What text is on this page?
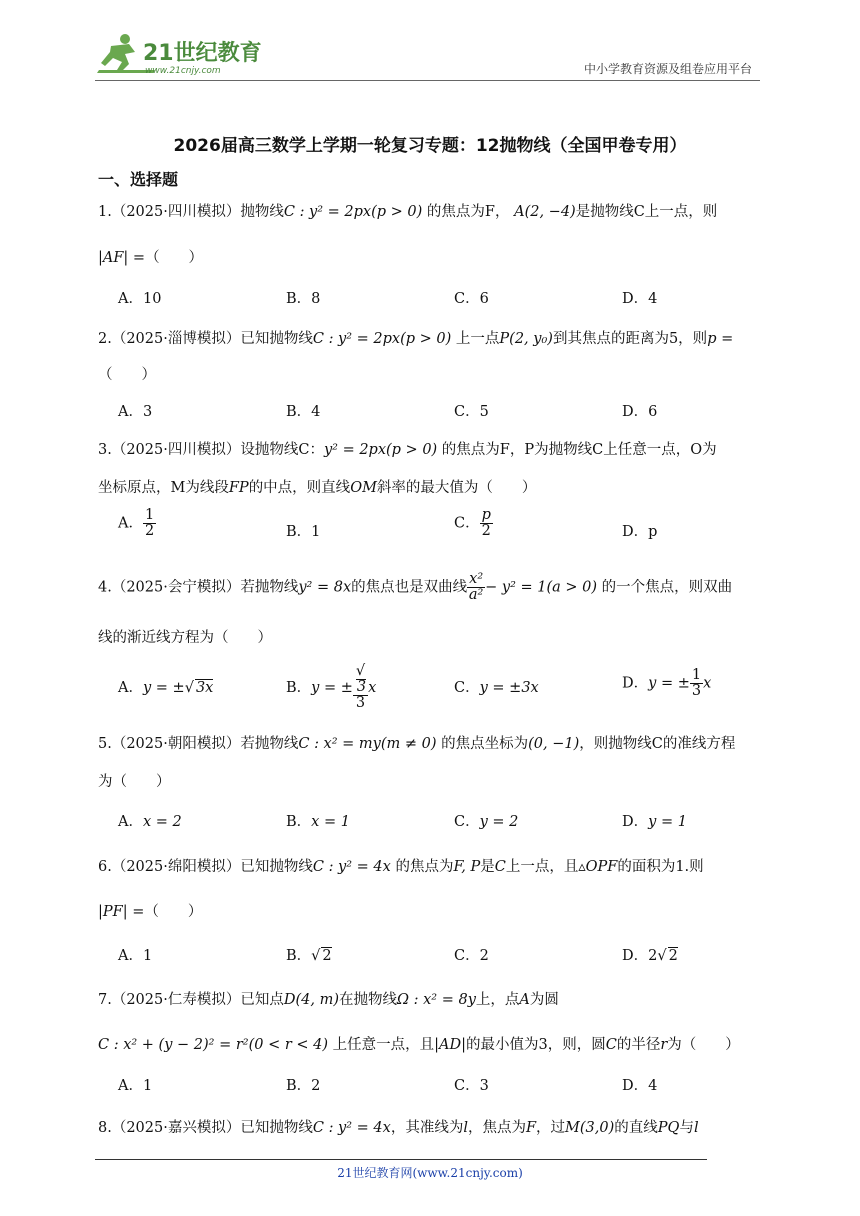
21世纪教育
www.21cnjy.com	中小学教育资源及组卷应用平台
2026届高三数学上学期一轮复习专题：12抛物线（全国甲卷专用）
一、选择题
1.（2025·四川模拟）抛物线C : y² = 2px(p > 0) 的焦点为F， A(2, −4)是抛物线C上一点，则
|AF| =（　　）
A．10	B．8	C．6	D．4
2.（2025·淄博模拟）已知抛物线C : y² = 2px(p > 0) 上一点P(2, y₀)到其焦点的距离为5，则p =
（　　）
A．3	B．4	C．5	D．6
3.（2025·四川模拟）设抛物线C：y² = 2px(p > 0) 的焦点为F，P为抛物线C上任意一点，O为
坐标原点，M为线段FP的中点，则直线OM斜率的最大值为（　　）
A． $\frac{1}{2}$	B．1
C． $\frac{p}{2}$	D．p
4.（2025·会宁模拟）若抛物线y² = 8x的焦点也是双曲线 $\frac{\text{x²}}{\text{a²}} - y^2 = 1(a > 0)$ 的一个焦点，则双曲
线的渐近线方程为（　　）
A．y = ±√ 3x	B．y = ± √
3
3 x	C．y = ±3x	D．y = ± $\frac{1}{3}$ x
5.（2025·朝阳模拟）若抛物线C : x² = my(m ≠ 0) 的焦点坐标为(0, −1)，则抛物线C的准线方程
为（　　）
A．x = 2	B．x = 1	C．y = 2	D．y = 1
6.（2025·绵阳模拟）已知抛物线C : y² = 4x 的焦点为F, P是C上一点，且▵OPF的面积为1.则
|PF| =（　　）
A．1	B．√ 2	C．2	D．2√ 2
7.（2025·仁寿模拟）已知点D(4, m)在抛物线Ω : x² = 8y上，点A为圆
C : x² + (y − 2)² = r²(0 < r < 4) 上任意一点，且|AD|的最小值为3，则，圆C的半径r为（　　）
A．1	B．2	C．3	D．4
8.（2025·嘉兴模拟）已知抛物线C : y² = 4x，其准线为l，焦点为F，过M(3,0)的直线PQ与l
21世纪教育网(www.21cnjy.com)
